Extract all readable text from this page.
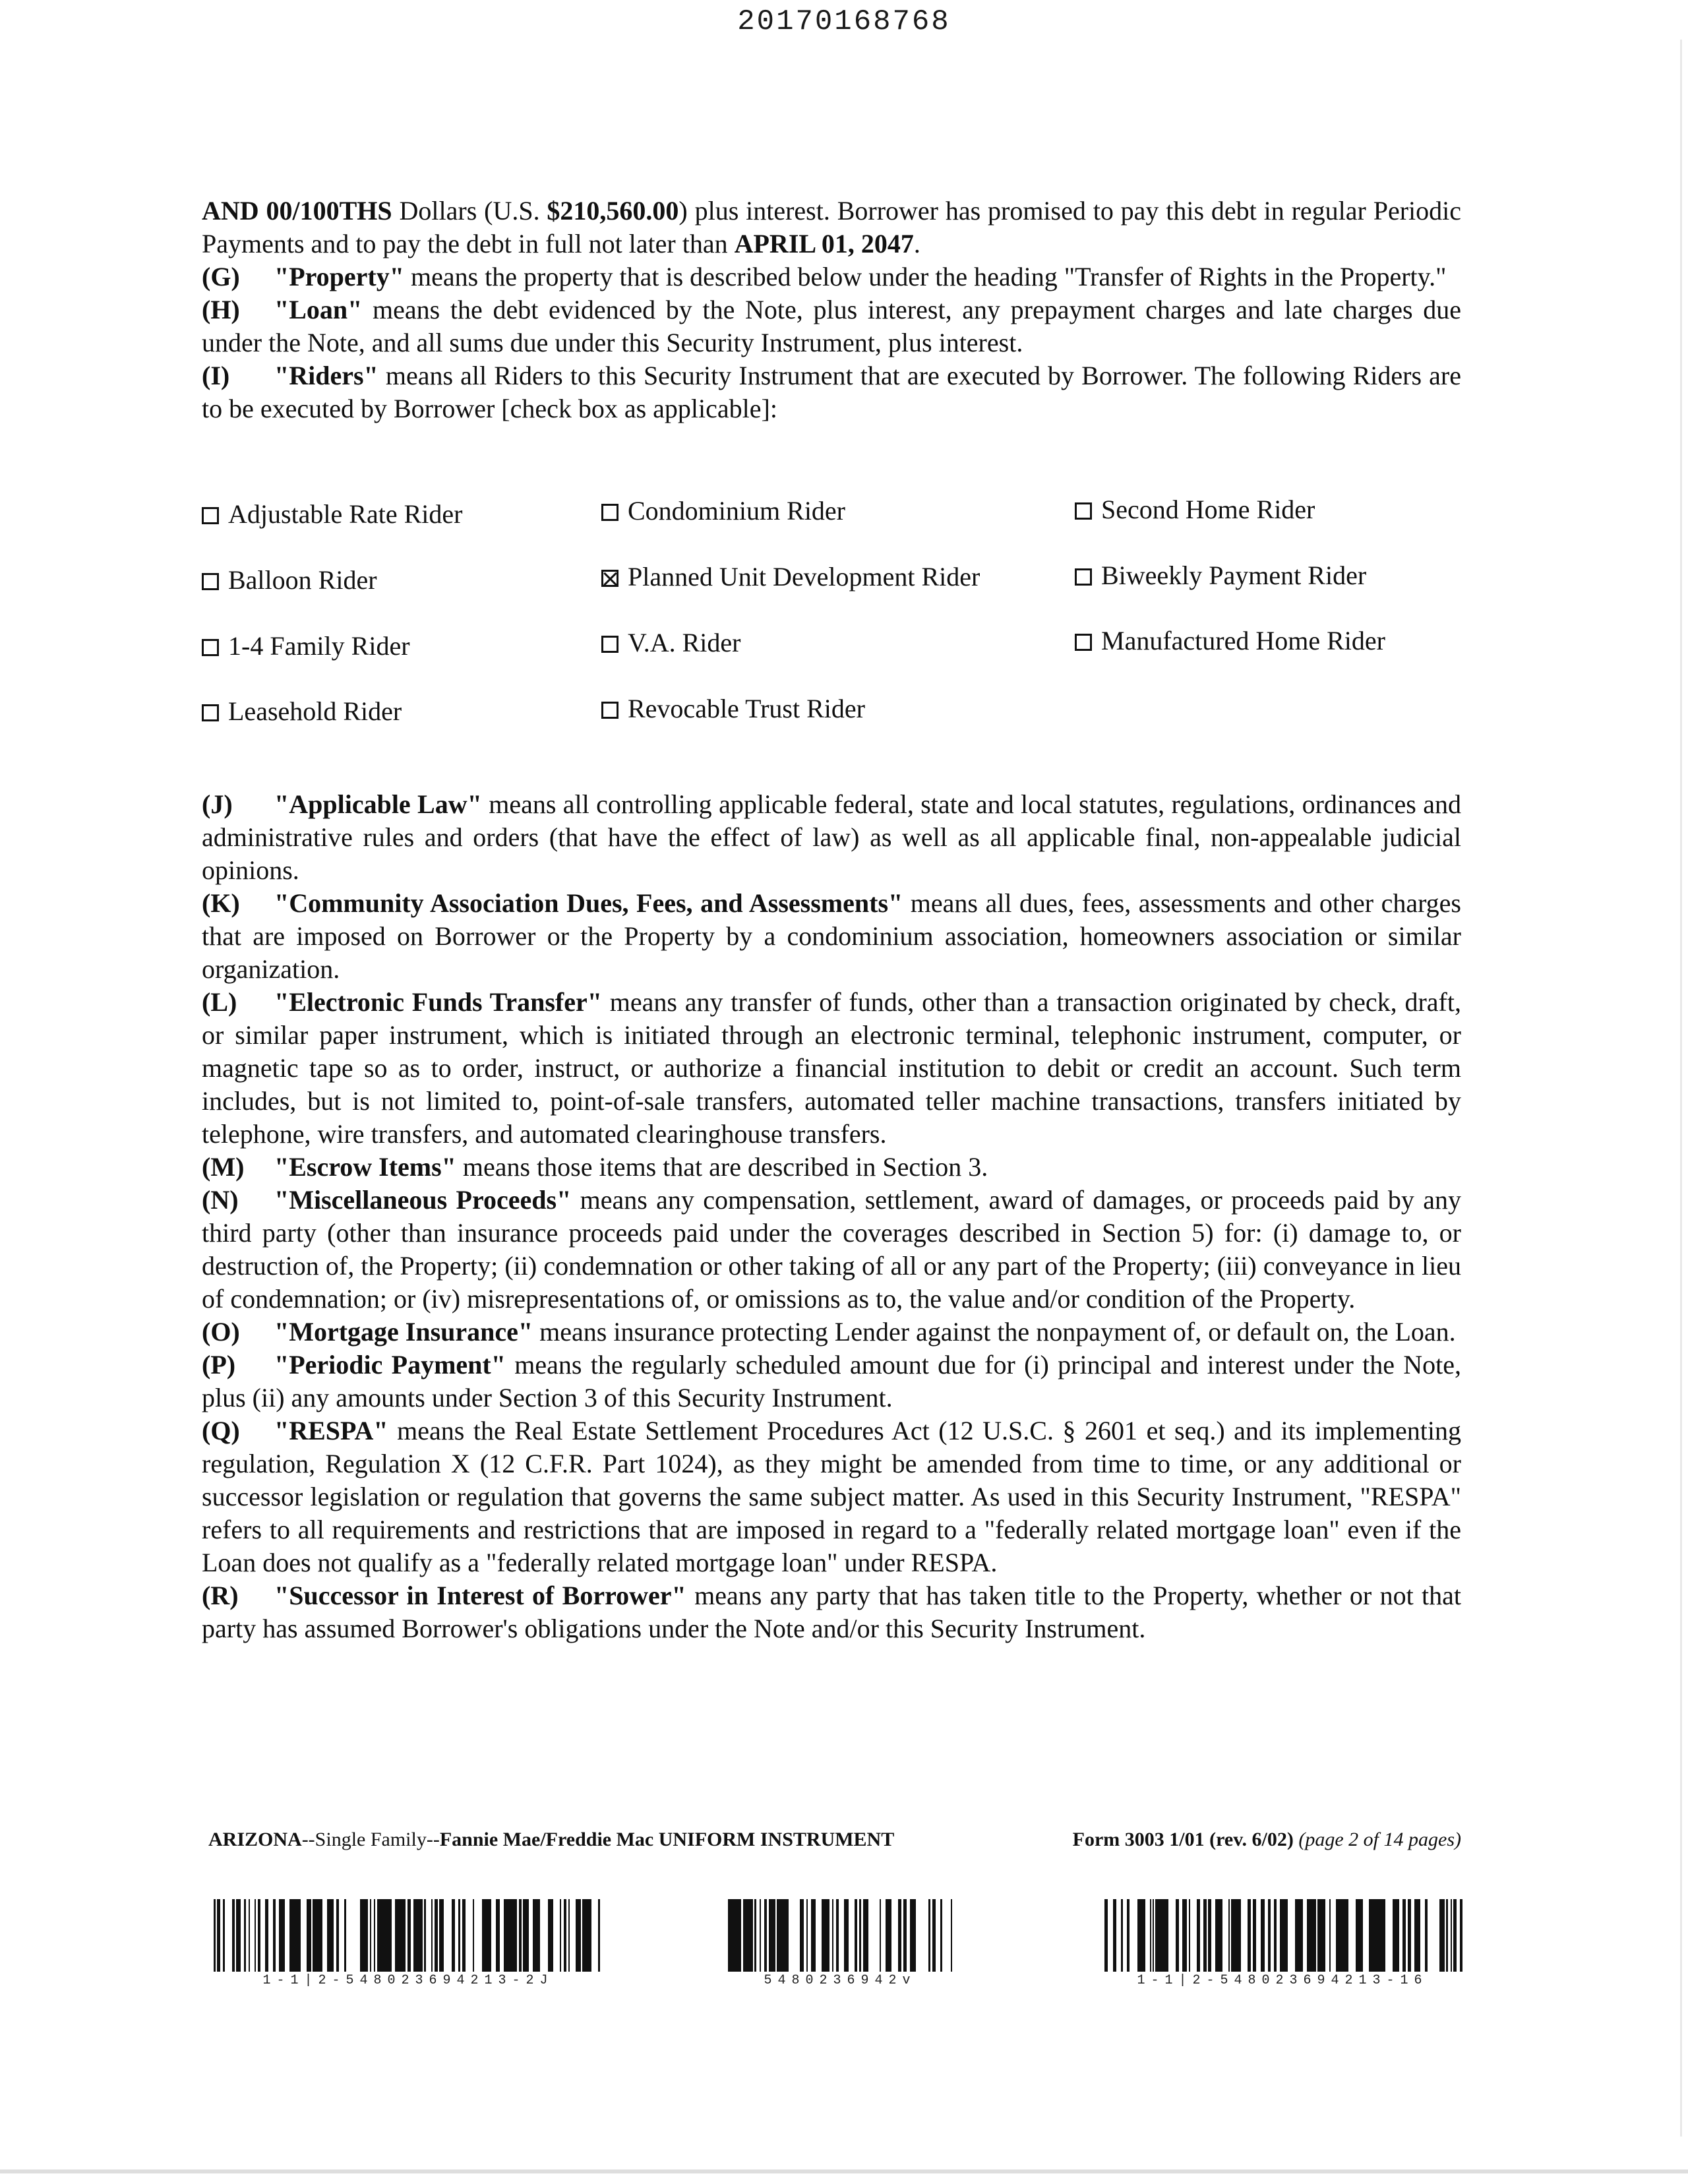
20170168768
AND 00/100THS Dollars (U.S. $210,560.00) plus interest. Borrower has promised to pay this debt in regular Periodic Payments and to pay the debt in full not later than APRIL 01, 2047.
(G) "Property" means the property that is described below under the heading "Transfer of Rights in the Property."
(H) "Loan" means the debt evidenced by the Note, plus interest, any prepayment charges and late charges due under the Note, and all sums due under this Security Instrument, plus interest.
(I) "Riders" means all Riders to this Security Instrument that are executed by Borrower. The following Riders are to be executed by Borrower [check box as applicable]:
Adjustable Rate Rider	Condominium Rider	Second Home Rider
Balloon Rider	Planned Unit Development Rider	Biweekly Payment Rider
1-4 Family Rider	V.A. Rider	Manufactured Home Rider
Leasehold Rider	Revocable Trust Rider
(J) "Applicable Law" means all controlling applicable federal, state and local statutes, regulations, ordinances and administrative rules and orders (that have the effect of law) as well as all applicable final, non-appealable judicial opinions.
(K) "Community Association Dues, Fees, and Assessments" means all dues, fees, assessments and other charges that are imposed on Borrower or the Property by a condominium association, homeowners association or similar organization.
(L) "Electronic Funds Transfer" means any transfer of funds, other than a transaction originated by check, draft, or similar paper instrument, which is initiated through an electronic terminal, telephonic instrument, computer, or magnetic tape so as to order, instruct, or authorize a financial institution to debit or credit an account. Such term includes, but is not limited to, point-of-sale transfers, automated teller machine transactions, transfers initiated by telephone, wire transfers, and automated clearinghouse transfers.
(M) "Escrow Items" means those items that are described in Section 3.
(N) "Miscellaneous Proceeds" means any compensation, settlement, award of damages, or proceeds paid by any third party (other than insurance proceeds paid under the coverages described in Section 5) for: (i) damage to, or destruction of, the Property; (ii) condemnation or other taking of all or any part of the Property; (iii) conveyance in lieu of condemnation; or (iv) misrepresentations of, or omissions as to, the value and/or condition of the Property.
(O) "Mortgage Insurance" means insurance protecting Lender against the nonpayment of, or default on, the Loan.
(P) "Periodic Payment" means the regularly scheduled amount due for (i) principal and interest under the Note, plus (ii) any amounts under Section 3 of this Security Instrument.
(Q) "RESPA" means the Real Estate Settlement Procedures Act (12 U.S.C. § 2601 et seq.) and its implementing regulation, Regulation X (12 C.F.R. Part 1024), as they might be amended from time to time, or any additional or successor legislation or regulation that governs the same subject matter. As used in this Security Instrument, "RESPA" refers to all requirements and restrictions that are imposed in regard to a "federally related mortgage loan" even if the Loan does not qualify as a "federally related mortgage loan" under RESPA.
(R) "Successor in Interest of Borrower" means any party that has taken title to the Property, whether or not that party has assumed Borrower's obligations under the Note and/or this Security Instrument.
ARIZONA--Single Family--Fannie Mae/Freddie Mac UNIFORM INSTRUMENT	Form 3003 1/01 (rev. 6/02) (page 2 of 14 pages)
1-1|2-548023694213-2J	5480236942v	1-1|2-548023694213-16
